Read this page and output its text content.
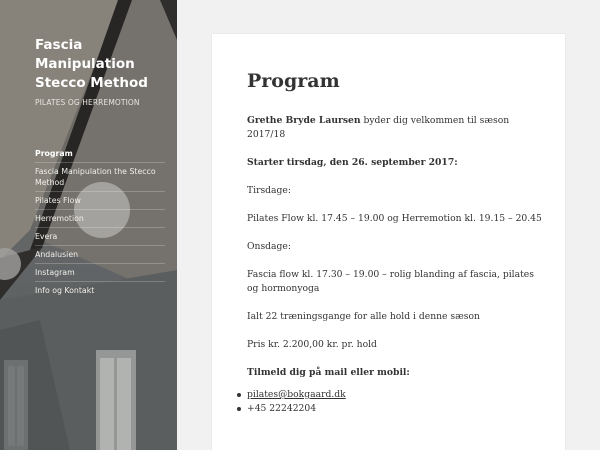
Fascia Manipulation Stecco Method
PILATES OG HERREMOTION
Program
Fascia Manipulation the Stecco Method
Pilates Flow
Herremotion
Evera
Andalusien
Instagram
Info og Kontakt
Program

Grethe Bryde Laursen byder dig velkommen til sæson 2017/18

Starter tirsdag, den 26. september 2017:

Tirsdage:

Pilates Flow kl. 17.45 – 19.00 og Herremotion kl. 19.15 – 20.45

Onsdage:

Fascia flow kl. 17.30 – 19.00 – rolig blanding af fascia, pilates og hormonyoga

Ialt 22 træningsgange for alle hold i denne sæson

Pris kr. 2.200,00 kr. pr. hold

Tilmeld dig på mail eller mobil:

pilates@bokgaard.dk
+45 22242204
